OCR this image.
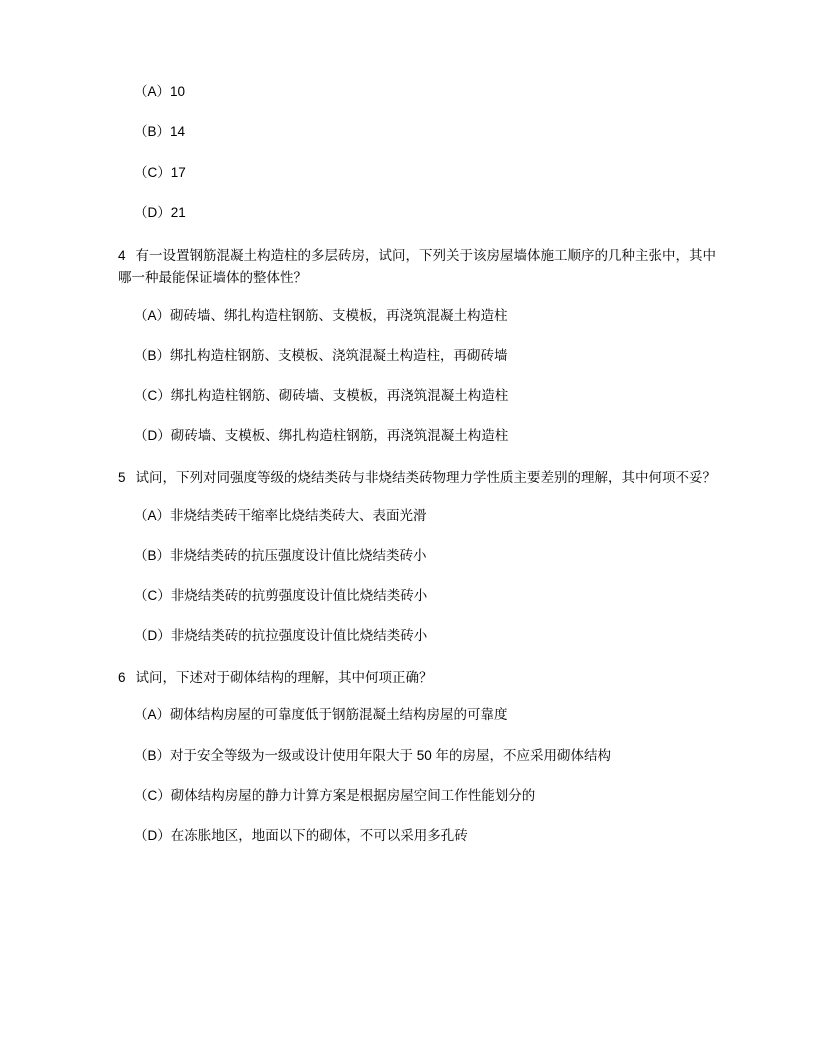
（A）10
（B）14
（C）17
（D）21
4 有一设置钢筋混凝土构造柱的多层砖房，试问，下列关于该房屋墙体施工顺序的几种主张中，其中哪一种最能保证墙体的整体性？
（A）砌砖墙、绑扎构造柱钢筋、支模板，再浇筑混凝土构造柱
（B）绑扎构造柱钢筋、支模板、浇筑混凝土构造柱，再砌砖墙
（C）绑扎构造柱钢筋、砌砖墙、支模板，再浇筑混凝土构造柱
（D）砌砖墙、支模板、绑扎构造柱钢筋，再浇筑混凝土构造柱
5 试问，下列对同强度等级的烧结类砖与非烧结类砖物理力学性质主要差别的理解，其中何项不妥？
（A）非烧结类砖干缩率比烧结类砖大、表面光滑
（B）非烧结类砖的抗压强度设计值比烧结类砖小
（C）非烧结类砖的抗剪强度设计值比烧结类砖小
（D）非烧结类砖的抗拉强度设计值比烧结类砖小
6 试问，下述对于砌体结构的理解，其中何项正确？
（A）砌体结构房屋的可靠度低于钢筋混凝土结构房屋的可靠度
（B）对于安全等级为一级或设计使用年限大于 50 年的房屋，不应采用砌体结构
（C）砌体结构房屋的静力计算方案是根据房屋空间工作性能划分的
（D）在冻胀地区，地面以下的砌体，不可以采用多孔砖
